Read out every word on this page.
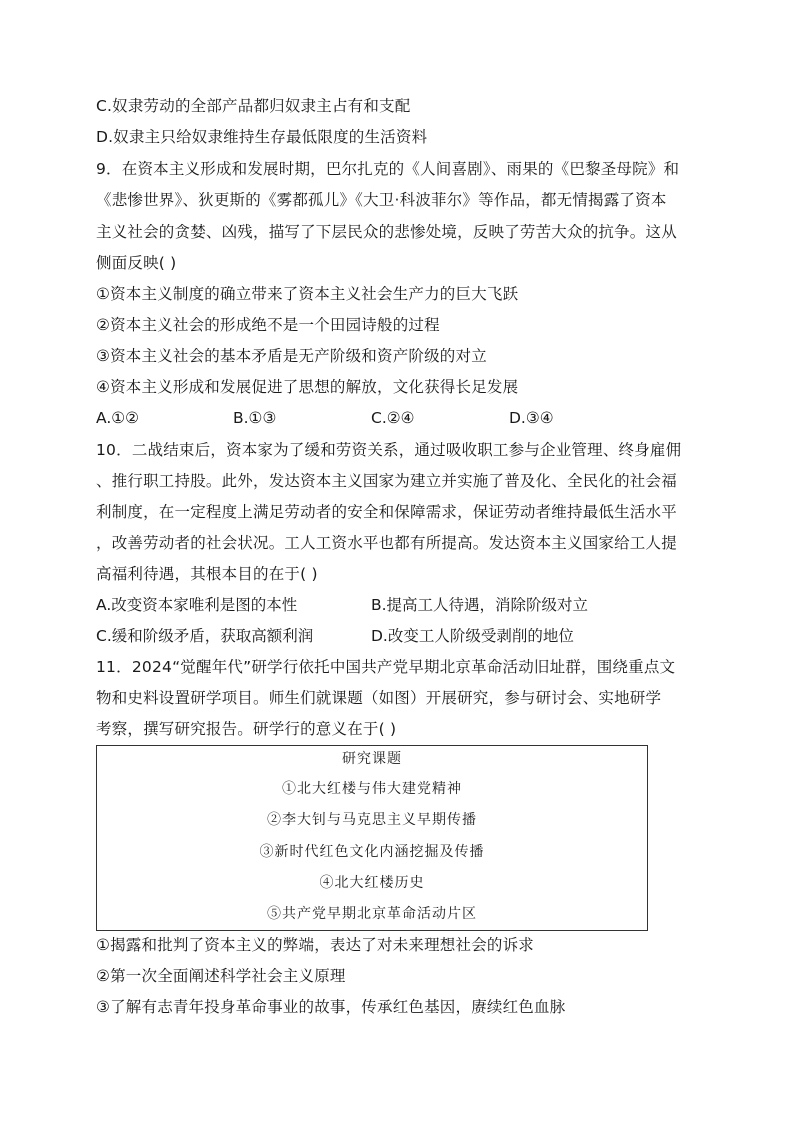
C.奴隶劳动的全部产品都归奴隶主占有和支配
D.奴隶主只给奴隶维持生存最低限度的生活资料
9．在资本主义形成和发展时期，巴尔扎克的《人间喜剧》、雨果的《巴黎圣母院》和
《悲惨世界》、狄更斯的《雾都孤儿》《大卫·科波菲尔》等作品，都无情揭露了资本
主义社会的贪婪、凶残，描写了下层民众的悲惨处境，反映了劳苦大众的抗争。这从
侧面反映( )
①资本主义制度的确立带来了资本主义社会生产力的巨大飞跃
②资本主义社会的形成绝不是一个田园诗般的过程
③资本主义社会的基本矛盾是无产阶级和资产阶级的对立
④资本主义形成和发展促进了思想的解放，文化获得长足发展
A.①②	B.①③	C.②④	D.③④
10．二战结束后，资本家为了缓和劳资关系，通过吸收职工参与企业管理、终身雇佣
、推行职工持股。此外，发达资本主义国家为建立并实施了普及化、全民化的社会福
利制度，在一定程度上满足劳动者的安全和保障需求，保证劳动者维持最低生活水平
，改善劳动者的社会状况。工人工资水平也都有所提高。发达资本主义国家给工人提
高福利待遇，其根本目的在于( )
A.改变资本家唯利是图的本性	B.提高工人待遇，消除阶级对立
C.缓和阶级矛盾，获取高额利润	D.改变工人阶级受剥削的地位
11．2024“觉醒年代”研学行依托中国共产党早期北京革命活动旧址群，围绕重点文
物和史料设置研学项目。师生们就课题（如图）开展研究，参与研讨会、实地研学
考察，撰写研究报告。研学行的意义在于( )
研究课题
①北大红楼与伟大建党精神
②李大钊与马克思主义早期传播
③新时代红色文化内涵挖掘及传播
④北大红楼历史
⑤共产党早期北京革命活动片区
①揭露和批判了资本主义的弊端，表达了对未来理想社会的诉求
②第一次全面阐述科学社会主义原理
③了解有志青年投身革命事业的故事，传承红色基因，赓续红色血脉
